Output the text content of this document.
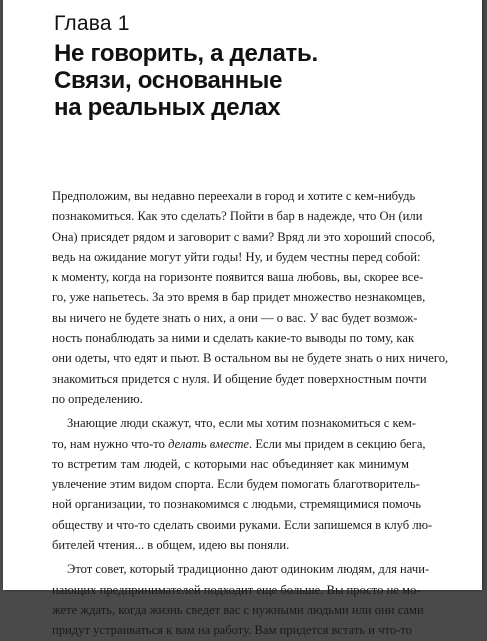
Глава 1
Не говорить, а делать.
Связи, основанные
на реальных делах
Предположим, вы недавно переехали в город и хотите с кем-нибудь
познакомиться. Как это сделать? Пойти в бар в надежде, что Он (или
Она) присядет рядом и заговорит с вами? Вряд ли это хороший способ,
ведь на ожидание могут уйти годы! Ну, и будем честны перед собой:
к моменту, когда на горизонте появится ваша любовь, вы, скорее все-
го, уже напьетесь. За это время в бар придет множество незнакомцев,
вы ничего не будете знать о них, а они — о вас. У вас будет возмож-
ность понаблюдать за ними и сделать какие-то выводы по тому, как
они одеты, что едят и пьют. В остальном вы не будете знать о них ничего,
знакомиться придется с нуля. И общение будет поверхностным почти
по определению.
Знающие люди скажут, что, если мы хотим познакомиться с кем-
то, нам нужно что-то делать вместе. Если мы придем в секцию бега,
то встретим там людей, с которыми нас объединяет как минимум
увлечение этим видом спорта. Если будем помогать благотворитель-
ной организации, то познакомимся с людьми, стремящимися помочь
обществу и что-то сделать своими руками. Если запишемся в клуб лю-
бителей чтения... в общем, идею вы поняли.
Этот совет, который традиционно дают одиноким людям, для начи-
нающих предпринимателей подходит еще больше. Вы просто не мо-
жете ждать, когда жизнь сведет вас с нужными людьми или они сами
придут устраиваться к вам на работу. Вам придется встать и что-то
